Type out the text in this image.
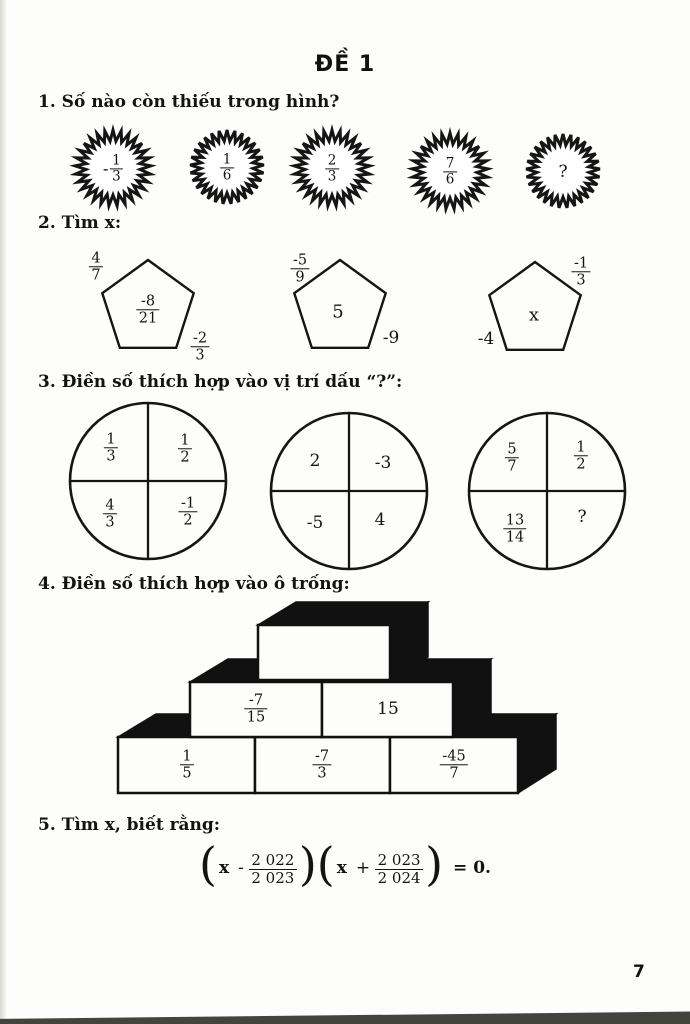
ĐỀ 1
1. Số nào còn thiếu trong hình?
- 1
3
1
6
2
3
7
6	?
2. Tìm x:
4
7
-8
21
-2
3
-5
9
5
-9
-1
3
x
-4
3. Điền số thích hợp vào vị trí dấu “?”:
1
3
1
2
4
3
-1
2
2	-3
-5	4
5
7
1
2
13
14
?
4. Điền số thích hợp vào ô trống:
-7
15	15
1
5
-7
3
-45
7
5. Tìm x, biết rằng:
( x - $\frac{2 022}{2 023}$ ) ( $x + \frac{2 023}{2 024}$ ) = 0.
7
